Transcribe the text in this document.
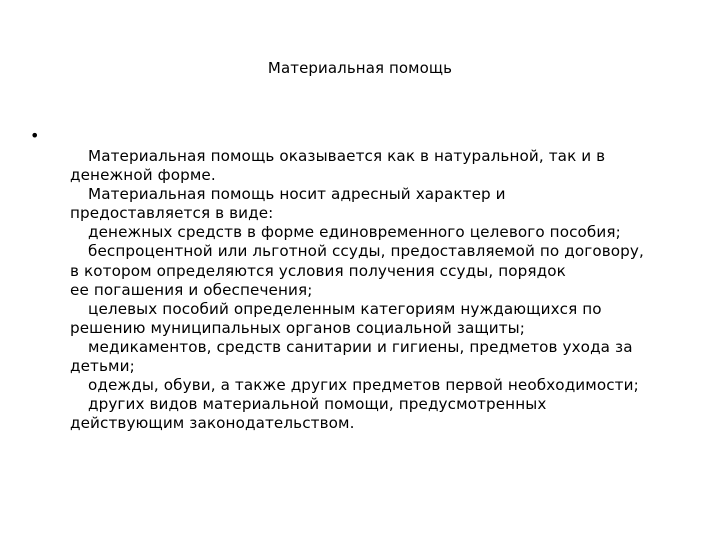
Материальная помощь
•
Материальная помощь оказывается как в натуральной, так и в
денежной форме.
Материальная помощь носит адресный характер и
предоставляется в виде:
денежных средств в форме единовременного целевого пособия;
беспроцентной или льготной ссуды, предоставляемой по договору,
в котором определяются условия получения ссуды, порядок
ее погашения и обеспечения;
целевых пособий определенным категориям нуждающихся по
решению муниципальных органов социальной защиты;
медикаментов, средств санитарии и гигиены, предметов ухода за
детьми;
одежды, обуви, а также других предметов первой необходимости;
других видов материальной помощи, предусмотренных
действующим законодательством.
